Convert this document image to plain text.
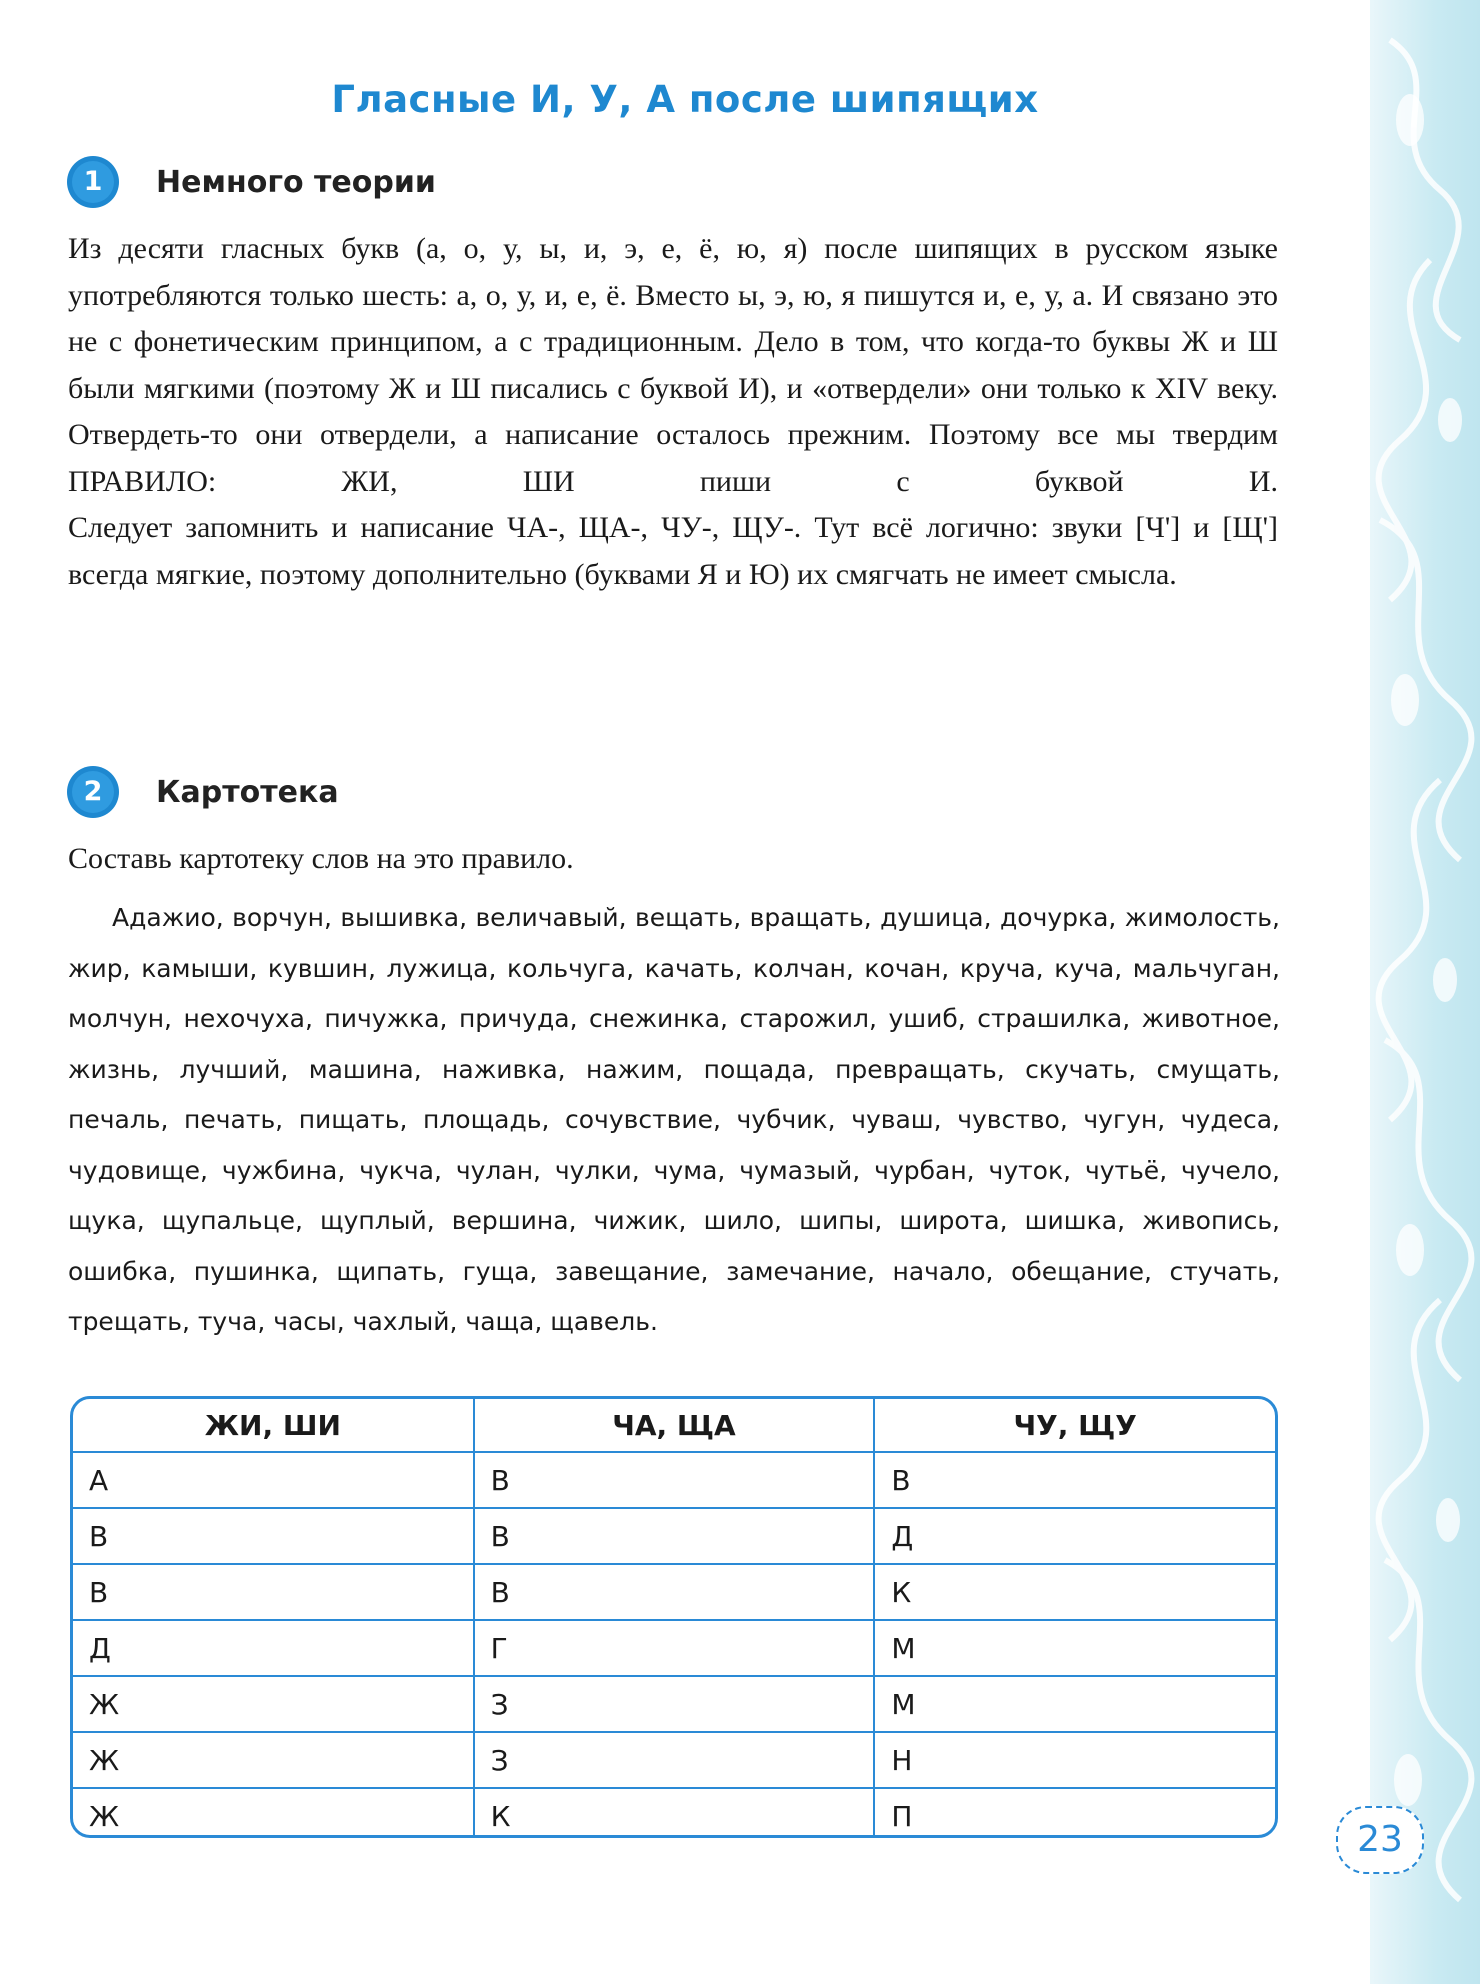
Гласные И, У, А после шипящих
1	Немного теории

Из десяти гласных букв (а, о, у, ы, и, э, е, ё, ю, я) после шипящих в русском языке употребляются только шесть: а, о, у, и, е, ё. Вместо ы, э, ю, я пишутся и, е, у, а. И связано это не с фонетическим принципом, а с традиционным. Дело в том, что когда-то буквы Ж и Ш были мягкими (поэтому Ж и Ш писались с буквой И), и «отвердели» они только к XIV веку. Отвердеть-то они отвердели, а написание осталось прежним. Поэтому все мы твердим ПРАВИЛО: ЖИ, ШИ пиши с буквой И.

Следует запомнить и написание ЧА-, ЩА-, ЧУ-, ЩУ-. Тут всё логично: звуки [Ч'] и [Щ'] всегда мягкие, поэтому дополнительно (буквами Я и Ю) их смягчать не имеет смысла.

2	Картотека
Составь картотеку слов на это правило.
Адажио, ворчун, вышивка, величавый, вещать, вращать, душица, дочурка, жимолость, жир, камыши, кувшин, лужица, кольчуга, качать, колчан, кочан, круча, куча, мальчуган, молчун, нехочуха, пичужка, причуда, снежинка, старожил, ушиб, страшилка, животное, жизнь, лучший, машина, наживка, нажим, пощада, превращать, скучать, смущать, печаль, печать, пищать, площадь, сочувствие, чубчик, чуваш, чувство, чугун, чудеса, чудовище, чужбина, чукча, чулан, чулки, чума, чумазый, чурбан, чуток, чутьё, чучело, щука, щупальце, щуплый, вершина, чижик, шило, шипы, широта, шишка, живопись, ошибка, пушинка, щипать, гуща, завещание, замечание, начало, обещание, стучать, трещать, туча, часы, чахлый, чаща, щавель.
ЖИ, ШИ	ЧА, ЩА	ЧУ, ЩУ
А	В	В
В	В	Д
В	В	К
Д	Г	М
Ж	З	М
Ж	З	Н
Ж	К	П
23
